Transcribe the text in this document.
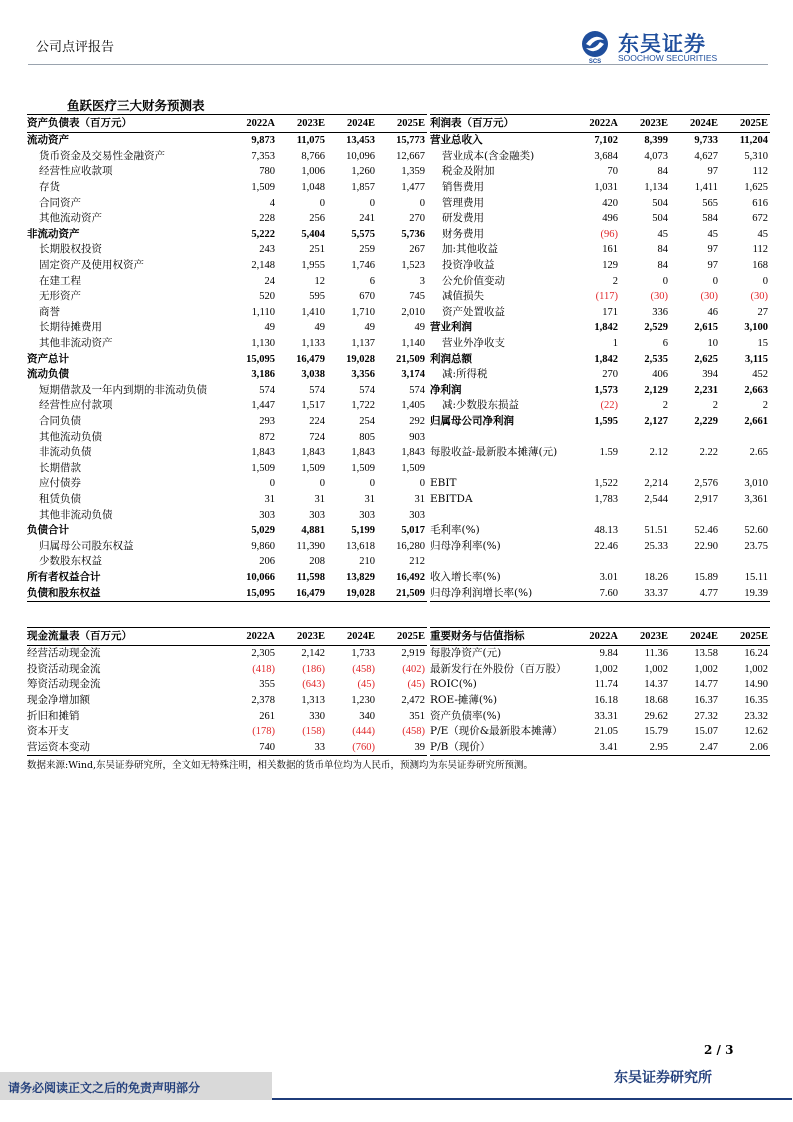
公司点评报告
SCS
东吴证券
SOOCHOW SECURITIES
鱼跃医疗三大财务预测表
资产负债表（百万元）	2022A	2023E	2024E	2025E
流动资产	9,873	11,075	13,453	15,773
货币资金及交易性金融资产	7,353	8,766	10,096	12,667
经营性应收款项	780	1,006	1,260	1,359
存货	1,509	1,048	1,857	1,477
合同资产	4	0	0	0
其他流动资产	228	256	241	270
非流动资产	5,222	5,404	5,575	5,736
长期股权投资	243	251	259	267
固定资产及使用权资产	2,148	1,955	1,746	1,523
在建工程	24	12	6	3
无形资产	520	595	670	745
商誉	1,110	1,410	1,710	2,010
长期待摊费用	49	49	49	49
其他非流动资产	1,130	1,133	1,137	1,140
资产总计	15,095	16,479	19,028	21,509
流动负债	3,186	3,038	3,356	3,174
短期借款及一年内到期的非流动负债	574	574	574	574
经营性应付款项	1,447	1,517	1,722	1,405
合同负债	293	224	254	292
其他流动负债	872	724	805	903
非流动负债	1,843	1,843	1,843	1,843
长期借款	1,509	1,509	1,509	1,509
应付债券	0	0	0	0
租赁负债	31	31	31	31
其他非流动负债	303	303	303	303
负债合计	5,029	4,881	5,199	5,017
归属母公司股东权益	9,860	11,390	13,618	16,280
少数股东权益	206	208	210	212
所有者权益合计	10,066	11,598	13,829	16,492
负债和股东权益	15,095	16,479	19,028	21,509
利润表（百万元）	2022A	2023E	2024E	2025E
营业总收入	7,102	8,399	9,733	11,204
营业成本(含金融类)	3,684	4,073	4,627	5,310
税金及附加	70	84	97	112
销售费用	1,031	1,134	1,411	1,625
管理费用	420	504	565	616
研发费用	496	504	584	672
财务费用	(96)	45	45	45
加:其他收益	161	84	97	112
投资净收益	129	84	97	168
公允价值变动	2	0	0	0
减值损失	(117)	(30)	(30)	(30)
资产处置收益	171	336	46	27
营业利润	1,842	2,529	2,615	3,100
营业外净收支	1	6	10	15
利润总额	1,842	2,535	2,625	3,115
减:所得税	270	406	394	452
净利润	1,573	2,129	2,231	2,663
减:少数股东损益	(22)	2	2	2
归属母公司净利润	1,595	2,127	2,229	2,661

每股收益-最新股本摊薄(元)	1.59	2.12	2.22	2.65

EBIT	1,522	2,214	2,576	3,010
EBITDA	1,783	2,544	2,917	3,361

毛利率(%)	48.13	51.51	52.46	52.60
归母净利率(%)	22.46	25.33	22.90	23.75

收入增长率(%)	3.01	18.26	15.89	15.11
归母净利润增长率(%)	7.60	33.37	4.77	19.39
现金流量表（百万元）	2022A	2023E	2024E	2025E
经营活动现金流	2,305	2,142	1,733	2,919
投资活动现金流	(418)	(186)	(458)	(402)
筹资活动现金流	355	(643)	(45)	(45)
现金净增加额	2,378	1,313	1,230	2,472
折旧和摊销	261	330	340	351
资本开支	(178)	(158)	(444)	(458)
营运资本变动	740	33	(760)	39
重要财务与估值指标	2022A	2023E	2024E	2025E
每股净资产(元)	9.84	11.36	13.58	16.24
最新发行在外股份（百万股）	1,002	1,002	1,002	1,002
ROIC(%)	11.74	14.37	14.77	14.90
ROE-摊薄(%)	16.18	18.68	16.37	16.35
资产负债率(%)	33.31	29.62	27.32	23.32
P/E（现价&最新股本摊薄）	21.05	15.79	15.07	12.62
P/B（现价）	3.41	2.95	2.47	2.06
数据来源:Wind,东吴证券研究所，全文如无特殊注明，相关数据的货币单位均为人民币，预测均为东吴证券研究所预测。
2 / 3
请务必阅读正文之后的免责声明部分
东吴证券研究所
